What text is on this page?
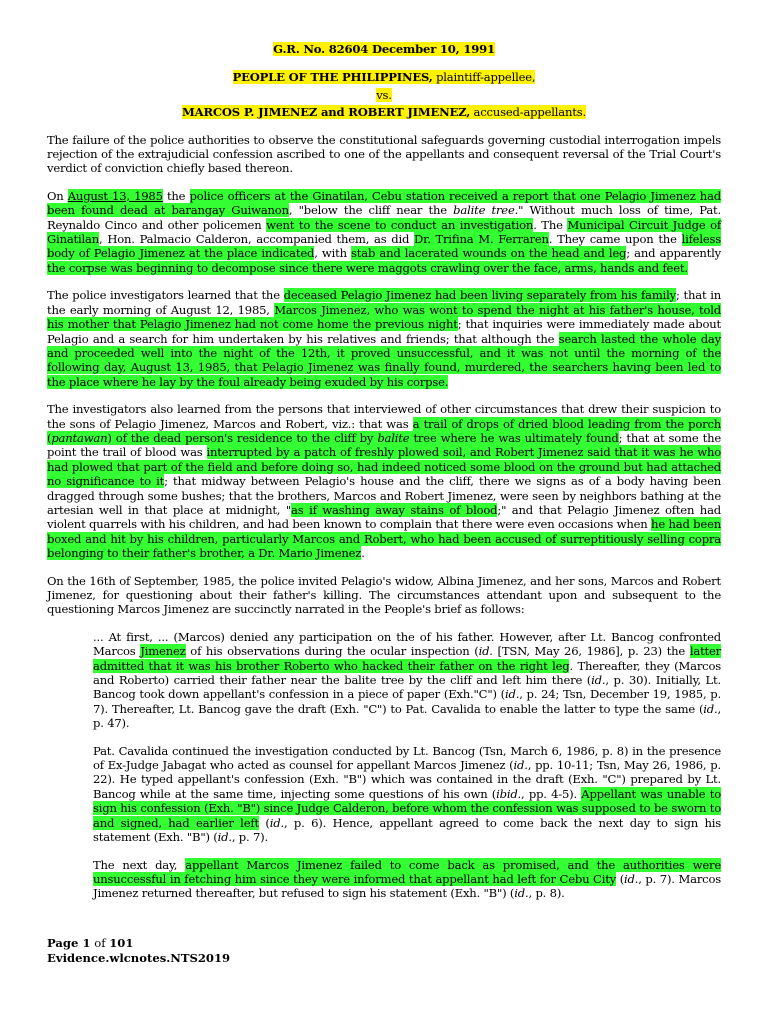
G.R. No. 82604 December 10, 1991

PEOPLE OF THE PHILIPPINES, plaintiff-appellee,

vs.

MARCOS P. JIMENEZ and ROBERT JIMENEZ, accused-appellants.

The failure of the police authorities to observe the constitutional safeguards governing custodial interrogation impels rejection of the extrajudicial confession ascribed to one of the appellants and consequent reversal of the Trial Court's verdict of conviction chiefly based thereon.

On August 13, 1985 the police officers at the Ginatilan, Cebu station received a report that one Pelagio Jimenez had been found dead at barangay Guiwanon, "below the cliff near the balite tree." Without much loss of time, Pat. Reynaldo Cinco and other policemen went to the scene to conduct an investigation. The Municipal Circuit Judge of Ginatilan, Hon. Palmacio Calderon, accompanied them, as did Dr. Trifina M. Ferraren. They came upon the lifeless body of Pelagio Jimenez at the place indicated, with stab and lacerated wounds on the head and leg; and apparently the corpse was beginning to decompose since there were maggots crawling over the face, arms, hands and feet.

The police investigators learned that the deceased Pelagio Jimenez had been living separately from his family; that in the early morning of August 12, 1985, Marcos Jimenez, who was wont to spend the night at his father's house, told his mother that Pelagio Jimenez had not come home the previous night; that inquiries were immediately made about Pelagio and a search for him undertaken by his relatives and friends; that although the search lasted the whole day and proceeded well into the night of the 12th, it proved unsuccessful, and it was not until the morning of the following day, August 13, 1985, that Pelagio Jimenez was finally found, murdered, the searchers having been led to the place where he lay by the foul already being exuded by his corpse.

The investigators also learned from the persons that interviewed of other circumstances that drew their suspicion to the sons of Pelagio Jimenez, Marcos and Robert, viz.: that was a trail of drops of dried blood leading from the porch (pantawan) of the dead person's residence to the cliff by balite tree where he was ultimately found; that at some the point the trail of blood was interrupted by a patch of freshly plowed soil, and Robert Jimenez said that it was he who had plowed that part of the field and before doing so, had indeed noticed some blood on the ground but had attached no significance to it; that midway between Pelagio's house and the cliff, there we signs as of a body having been dragged through some bushes; that the brothers, Marcos and Robert Jimenez, were seen by neighbors bathing at the artesian well in that place at midnight, "as if washing away stains of blood;" and that Pelagio Jimenez often had violent quarrels with his children, and had been known to complain that there were even occasions when he had been boxed and hit by his children, particularly Marcos and Robert, who had been accused of surreptitiously selling copra belonging to their father's brother, a Dr. Mario Jimenez.

On the 16th of September, 1985, the police invited Pelagio's widow, Albina Jimenez, and her sons, Marcos and Robert Jimenez, for questioning about their father's killing. The circumstances attendant upon and subsequent to the questioning Marcos Jimenez are succinctly narrated in the People's brief as follows:

... At first, ... (Marcos) denied any participation on the of his father. However, after Lt. Bancog confronted Marcos Jimenez of his observations during the ocular inspection (id. [TSN, May 26, 1986], p. 23) the latter admitted that it was his brother Roberto who hacked their father on the right leg. Thereafter, they (Marcos and Roberto) carried their father near the balite tree by the cliff and left him there (id., p. 30). Initially, Lt. Bancog took down appellant's confession in a piece of paper (Exh."C") (id., p. 24; Tsn, December 19, 1985, p. 7). Thereafter, Lt. Bancog gave the draft (Exh. "C") to Pat. Cavalida to enable the latter to type the same (id., p. 47).

Pat. Cavalida continued the investigation conducted by Lt. Bancog (Tsn, March 6, 1986, p. 8) in the presence of Ex-Judge Jabagat who acted as counsel for appellant Marcos Jimenez (id., pp. 10-11; Tsn, May 26, 1986, p. 22). He typed appellant's confession (Exh. "B") which was contained in the draft (Exh. "C") prepared by Lt. Bancog while at the same time, injecting some questions of his own (ibid., pp. 4-5). Appellant was unable to sign his confession (Exh. "B") since Judge Calderon, before whom the confession was supposed to be sworn to and signed, had earlier left (id., p. 6). Hence, appellant agreed to come back the next day to sign his statement (Exh. "B") (id., p. 7).

The next day, appellant Marcos Jimenez failed to come back as promised, and the authorities were unsuccessful in fetching him since they were informed that appellant had left for Cebu City (id., p. 7). Marcos Jimenez returned thereafter, but refused to sign his statement (Exh. "B") (id., p. 8).

Page 1 of 101
Evidence.wlcnotes.NTS2019
